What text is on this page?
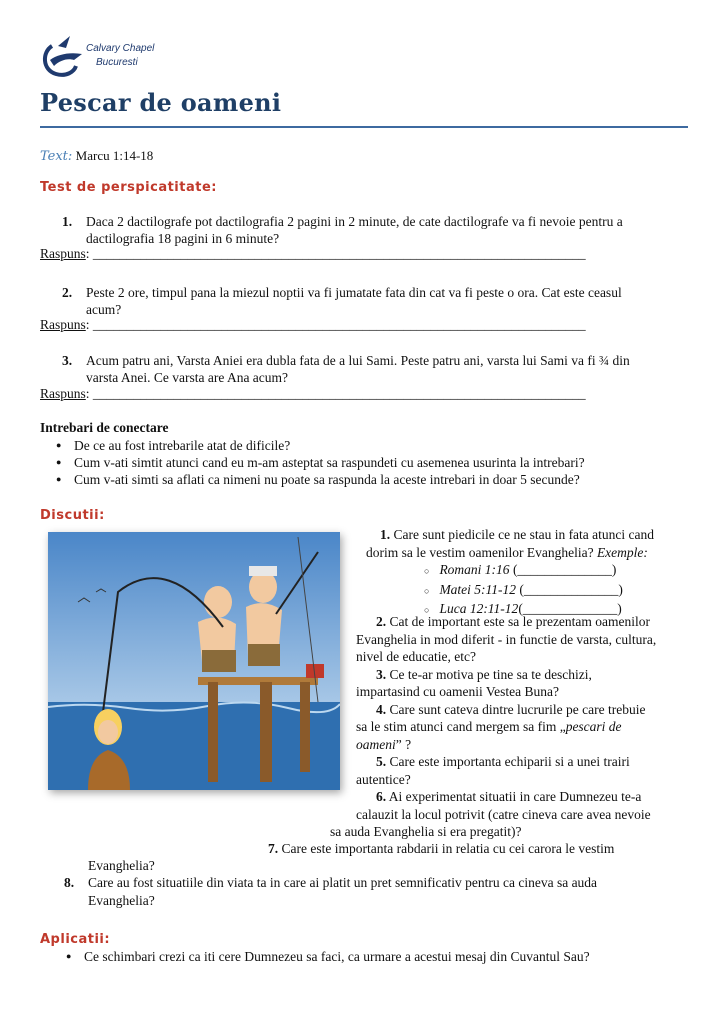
Calvary Chapel
Bucuresti
Pescar de oameni
Text: Marcu 1:14-18
Test de perspicatitate:
1. Daca 2 dactilografe pot dactilografia 2 pagini in 2 minute, de cate dactilografe va fi nevoie pentru a
dactilografia 18 pagini in 6 minute?
Raspuns: _________________________________________________________________________
2. Peste 2 ore, timpul pana la miezul noptii va fi jumatate fata din cat va fi peste o ora. Cat este ceasul
acum?
Raspuns: _________________________________________________________________________
3. Acum patru ani, Varsta Aniei era dubla fata de a lui Sami. Peste patru ani, varsta lui Sami va fi ¾ din
varsta Anei. Ce varsta are Ana acum?
Raspuns: _________________________________________________________________________
Intrebari de conectare
● De ce au fost intrebarile atat de dificile?
● Cum v-ati simtit atunci cand eu m-am asteptat sa raspundeti cu asemenea usurinta la intrebari?
● Cum v-ati simti sa aflati ca nimeni nu poate sa raspunda la aceste intrebari in doar 5 secunde?
Discutii:
1. Care sunt piedicile ce ne stau in fata atunci cand
dorim sa le vestim oamenilor Evanghelia? Exemple:
○ Romani 1:16 (______________)
○ Matei 5:11-12 (______________)
○ Luca 12:11-12(______________)
2. Cat de important este sa le prezentam oamenilor
Evanghelia in mod diferit - in functie de varsta, cultura,
nivel de educatie, etc?
3. Ce te-ar motiva pe tine sa te deschizi,
impartasind cu oamenii Vestea Buna?
4. Care sunt cateva dintre lucrurile pe care trebuie
sa le stim atunci cand mergem sa fim „pescari de
oameni” ?
5. Care este importanta echiparii si a unei trairi
autentice?
6. Ai experimentat situatii in care Dumnezeu te-a
calauzit la locul potrivit (catre cineva care avea nevoie
sa auda Evanghelia si era pregatit)?
7. Care este importanta rabdarii in relatia cu cei carora le vestim
Evanghelia?
8. Care au fost situatiile din viata ta in care ai platit un pret semnificativ pentru ca cineva sa auda
Evanghelia?
Aplicatii:
● Ce schimbari crezi ca iti cere Dumnezeu sa faci, ca urmare a acestui mesaj din Cuvantul Sau?
